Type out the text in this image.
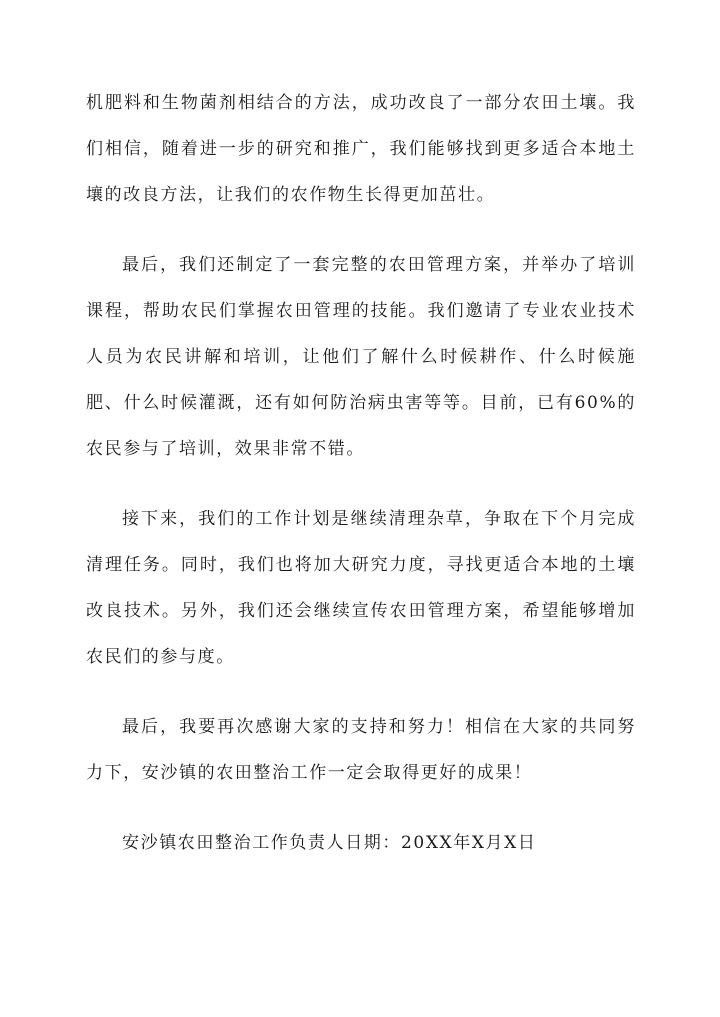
机肥料和生物菌剂相结合的方法，成功改良了一部分农田土壤。我们相信，随着进一步的研究和推广，我们能够找到更多适合本地土壤的改良方法，让我们的农作物生长得更加茁壮。

最后，我们还制定了一套完整的农田管理方案，并举办了培训课程，帮助农民们掌握农田管理的技能。我们邀请了专业农业技术人员为农民讲解和培训，让他们了解什么时候耕作、什么时候施肥、什么时候灌溉，还有如何防治病虫害等等。目前，已有60%的农民参与了培训，效果非常不错。

接下来，我们的工作计划是继续清理杂草，争取在下个月完成清理任务。同时，我们也将加大研究力度，寻找更适合本地的土壤改良技术。另外，我们还会继续宣传农田管理方案，希望能够增加农民们的参与度。

最后，我要再次感谢大家的支持和努力！相信在大家的共同努力下，安沙镇的农田整治工作一定会取得更好的成果！

安沙镇农田整治工作负责人日期：20XX年X月X日
